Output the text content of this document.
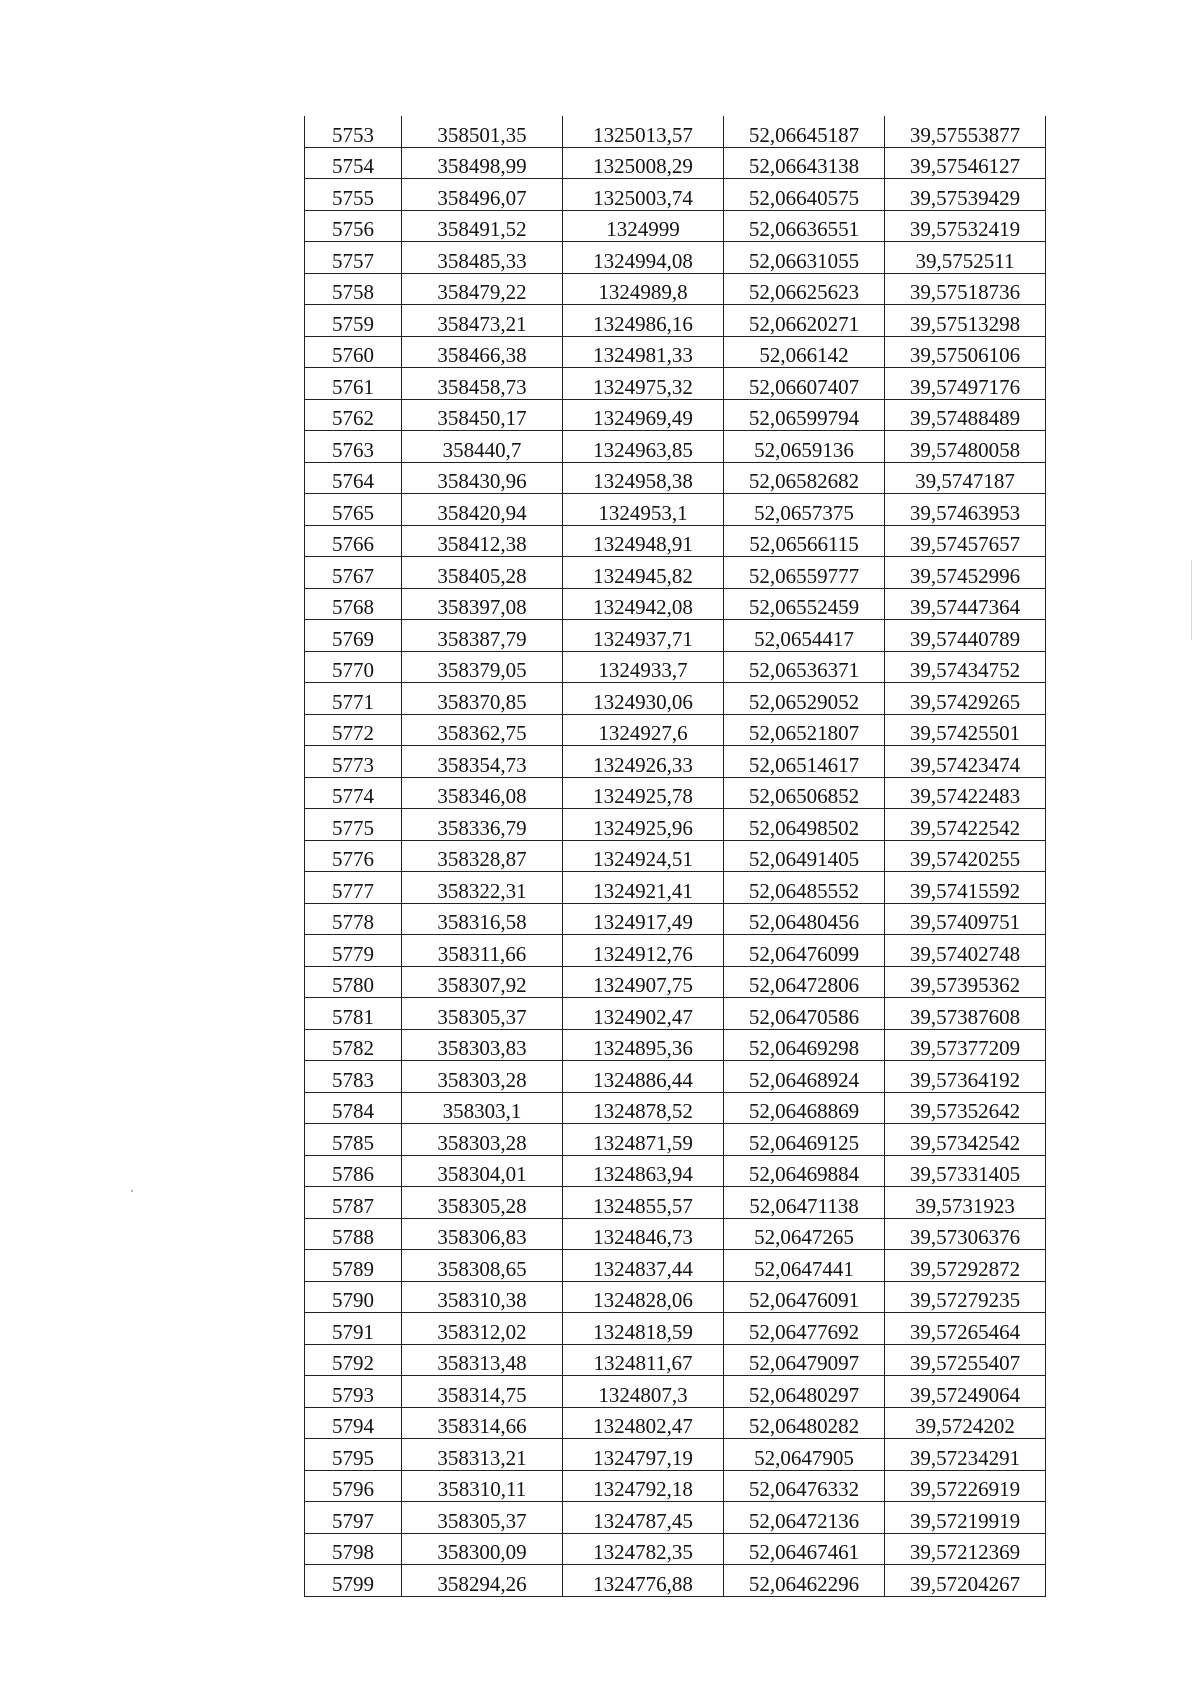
5753	358501,35	1325013,57	52,06645187	39,57553877
5754	358498,99	1325008,29	52,06643138	39,57546127
5755	358496,07	1325003,74	52,06640575	39,57539429
5756	358491,52	1324999	52,06636551	39,57532419
5757	358485,33	1324994,08	52,06631055	39,5752511
5758	358479,22	1324989,8	52,06625623	39,57518736
5759	358473,21	1324986,16	52,06620271	39,57513298
5760	358466,38	1324981,33	52,066142	39,57506106
5761	358458,73	1324975,32	52,06607407	39,57497176
5762	358450,17	1324969,49	52,06599794	39,57488489
5763	358440,7	1324963,85	52,0659136	39,57480058
5764	358430,96	1324958,38	52,06582682	39,5747187
5765	358420,94	1324953,1	52,0657375	39,57463953
5766	358412,38	1324948,91	52,06566115	39,57457657
5767	358405,28	1324945,82	52,06559777	39,57452996
5768	358397,08	1324942,08	52,06552459	39,57447364
5769	358387,79	1324937,71	52,0654417	39,57440789
5770	358379,05	1324933,7	52,06536371	39,57434752
5771	358370,85	1324930,06	52,06529052	39,57429265
5772	358362,75	1324927,6	52,06521807	39,57425501
5773	358354,73	1324926,33	52,06514617	39,57423474
5774	358346,08	1324925,78	52,06506852	39,57422483
5775	358336,79	1324925,96	52,06498502	39,57422542
5776	358328,87	1324924,51	52,06491405	39,57420255
5777	358322,31	1324921,41	52,06485552	39,57415592
5778	358316,58	1324917,49	52,06480456	39,57409751
5779	358311,66	1324912,76	52,06476099	39,57402748
5780	358307,92	1324907,75	52,06472806	39,57395362
5781	358305,37	1324902,47	52,06470586	39,57387608
5782	358303,83	1324895,36	52,06469298	39,57377209
5783	358303,28	1324886,44	52,06468924	39,57364192
5784	358303,1	1324878,52	52,06468869	39,57352642
5785	358303,28	1324871,59	52,06469125	39,57342542
5786	358304,01	1324863,94	52,06469884	39,57331405
5787	358305,28	1324855,57	52,06471138	39,5731923
5788	358306,83	1324846,73	52,0647265	39,57306376
5789	358308,65	1324837,44	52,0647441	39,57292872
5790	358310,38	1324828,06	52,06476091	39,57279235
5791	358312,02	1324818,59	52,06477692	39,57265464
5792	358313,48	1324811,67	52,06479097	39,57255407
5793	358314,75	1324807,3	52,06480297	39,57249064
5794	358314,66	1324802,47	52,06480282	39,5724202
5795	358313,21	1324797,19	52,0647905	39,57234291
5796	358310,11	1324792,18	52,06476332	39,57226919
5797	358305,37	1324787,45	52,06472136	39,57219919
5798	358300,09	1324782,35	52,06467461	39,57212369
5799	358294,26	1324776,88	52,06462296	39,57204267
